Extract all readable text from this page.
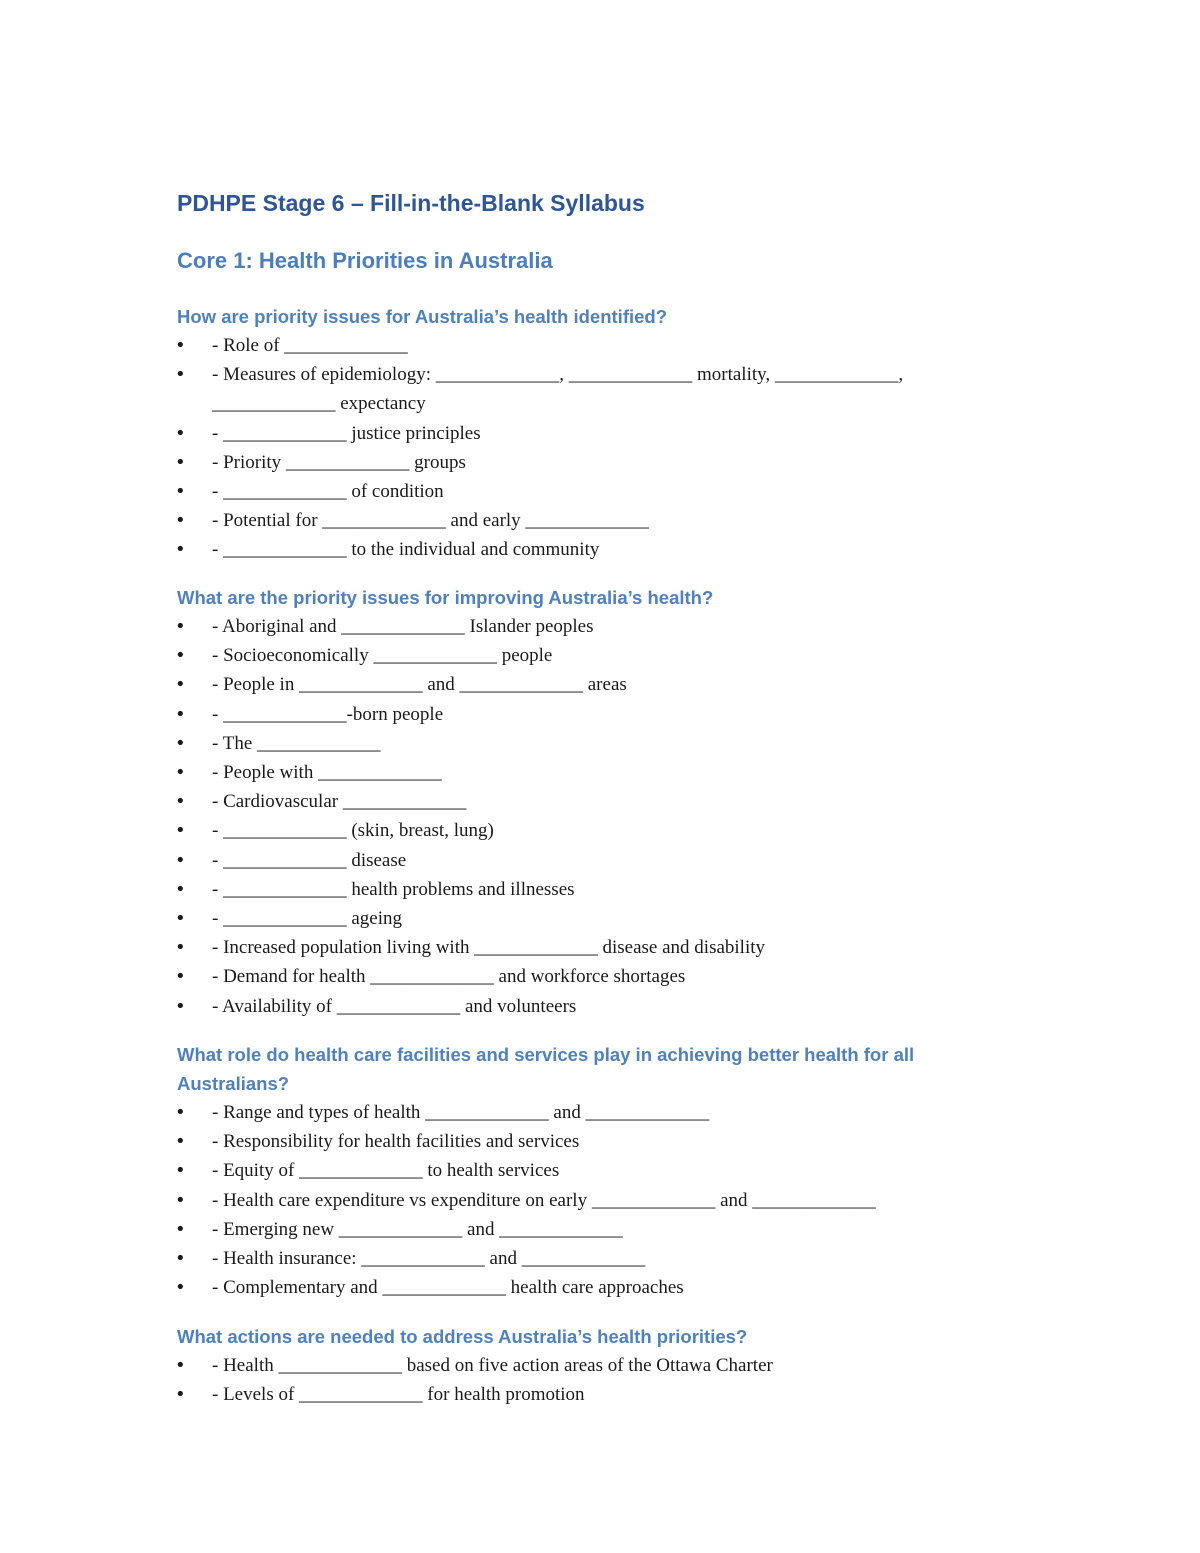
PDHPE Stage 6 – Fill-in-the-Blank Syllabus
Core 1: Health Priorities in Australia
How are priority issues for Australia’s health identified?
• - Role of _____________
• - Measures of epidemiology: _____________, _____________ mortality, _____________, _____________ expectancy
• - _____________ justice principles
• - Priority _____________ groups
• - _____________ of condition
• - Potential for _____________ and early _____________
• - _____________ to the individual and community
What are the priority issues for improving Australia’s health?
• - Aboriginal and _____________ Islander peoples
• - Socioeconomically _____________ people
• - People in _____________ and _____________ areas
• - _____________-born people
• - The _____________
• - People with _____________
• - Cardiovascular _____________
• - _____________ (skin, breast, lung)
• - _____________ disease
• - _____________ health problems and illnesses
• - _____________ ageing
• - Increased population living with _____________ disease and disability
• - Demand for health _____________ and workforce shortages
• - Availability of _____________ and volunteers
What role do health care facilities and services play in achieving better health for all Australians?
• - Range and types of health _____________ and _____________
• - Responsibility for health facilities and services
• - Equity of _____________ to health services
• - Health care expenditure vs expenditure on early _____________ and _____________
• - Emerging new _____________ and _____________
• - Health insurance: _____________ and _____________
• - Complementary and _____________ health care approaches
What actions are needed to address Australia’s health priorities?
• - Health _____________ based on five action areas of the Ottawa Charter
• - Levels of _____________ for health promotion
